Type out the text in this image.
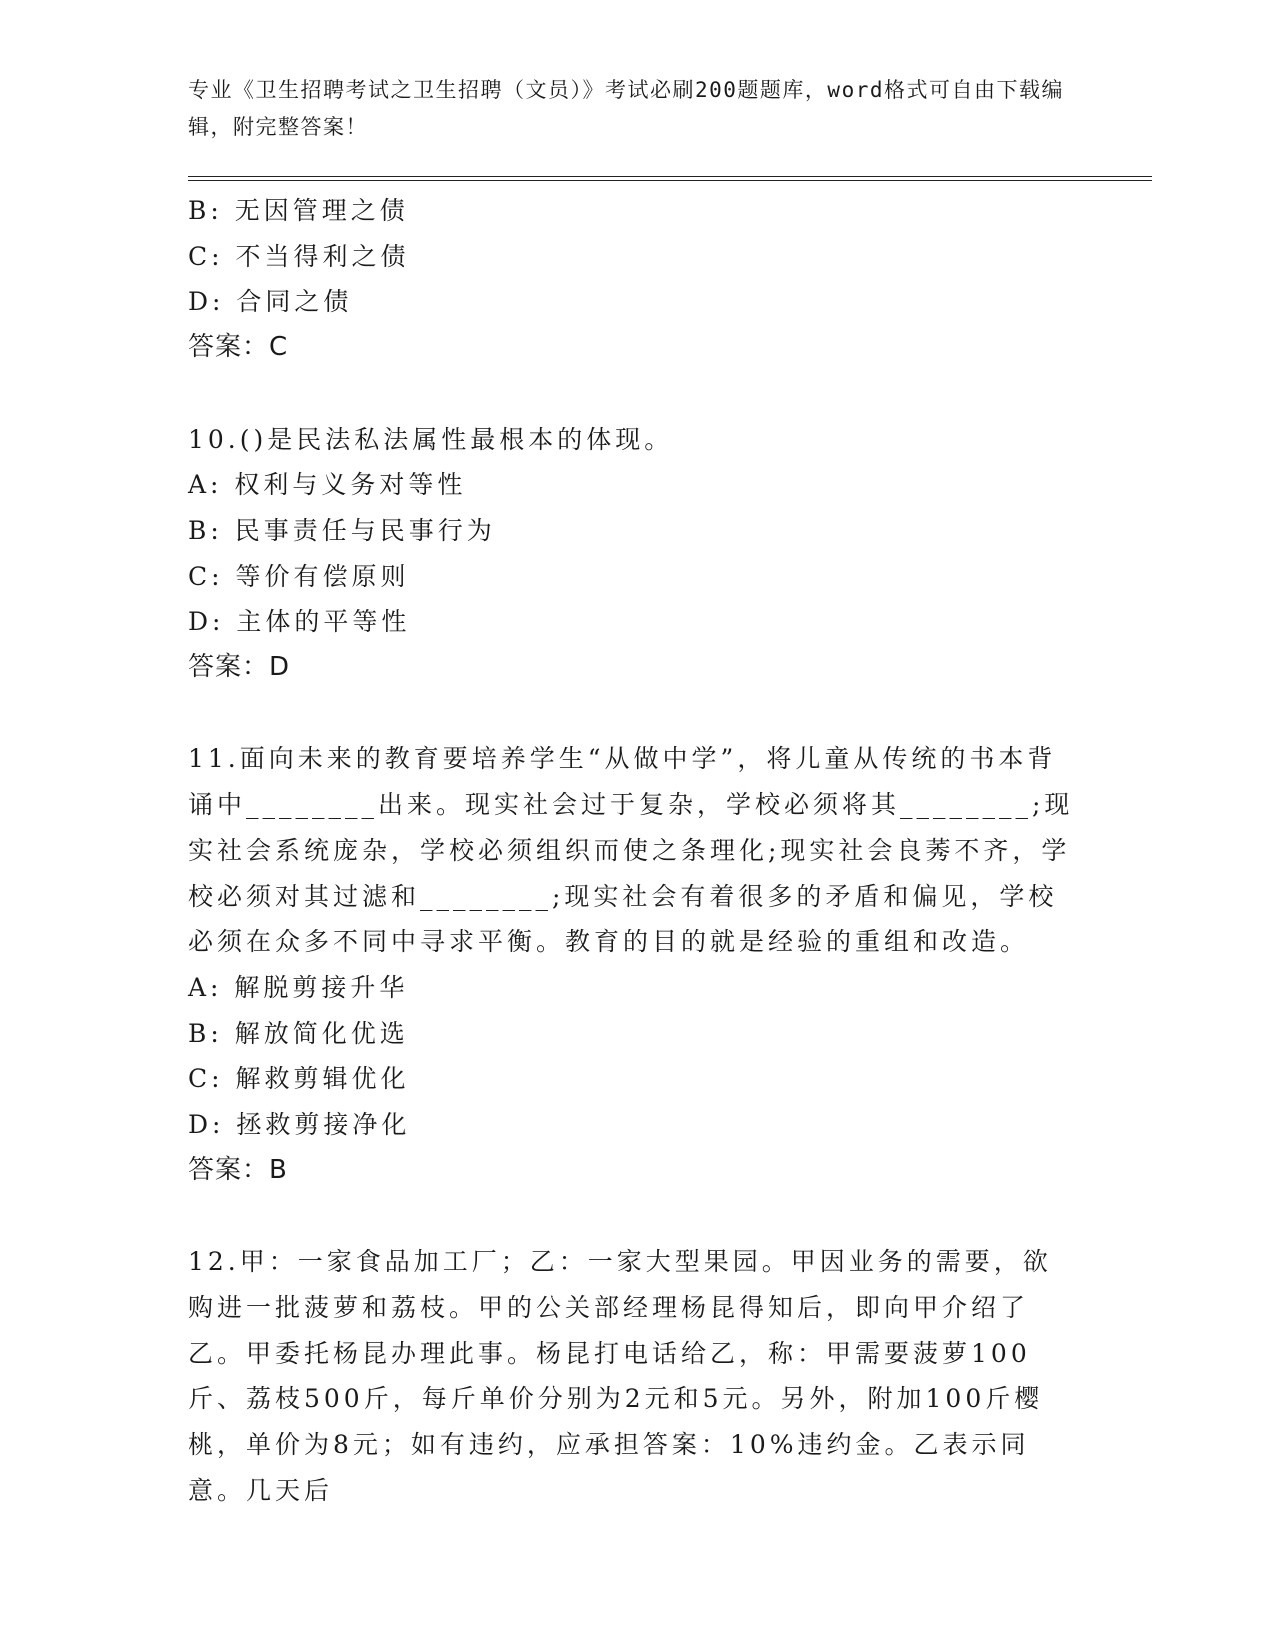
专业《卫生招聘考试之卫生招聘（文员）》考试必刷200题题库，word格式可自由下载编辑，附完整答案！
B: 无因管理之债
C: 不当得利之债
D: 合同之债
答案：C
10.()是民法私法属性最根本的体现。
A: 权利与义务对等性
B: 民事责任与民事行为
C: 等价有偿原则
D: 主体的平等性
答案：D
11.面向未来的教育要培养学生“从做中学”，将儿童从传统的书本背诵中________出来。现实社会过于复杂，学校必须将其________;现实社会系统庞杂，学校必须组织而使之条理化;现实社会良莠不齐，学校必须对其过滤和________;现实社会有着很多的矛盾和偏见，学校必须在众多不同中寻求平衡。教育的目的就是经验的重组和改造。
A: 解脱剪接升华
B: 解放简化优选
C: 解救剪辑优化
D: 拯救剪接净化
答案：B
12.甲：一家食品加工厂；乙：一家大型果园。甲因业务的需要，欲购进一批菠萝和荔枝。甲的公关部经理杨昆得知后，即向甲介绍了乙。甲委托杨昆办理此事。杨昆打电话给乙，称：甲需要菠萝100斤、荔枝500斤，每斤单价分别为2元和5元。另外，附加100斤樱桃，单价为8元；如有违约，应承担答案：10%违约金。乙表示同意。几天后
